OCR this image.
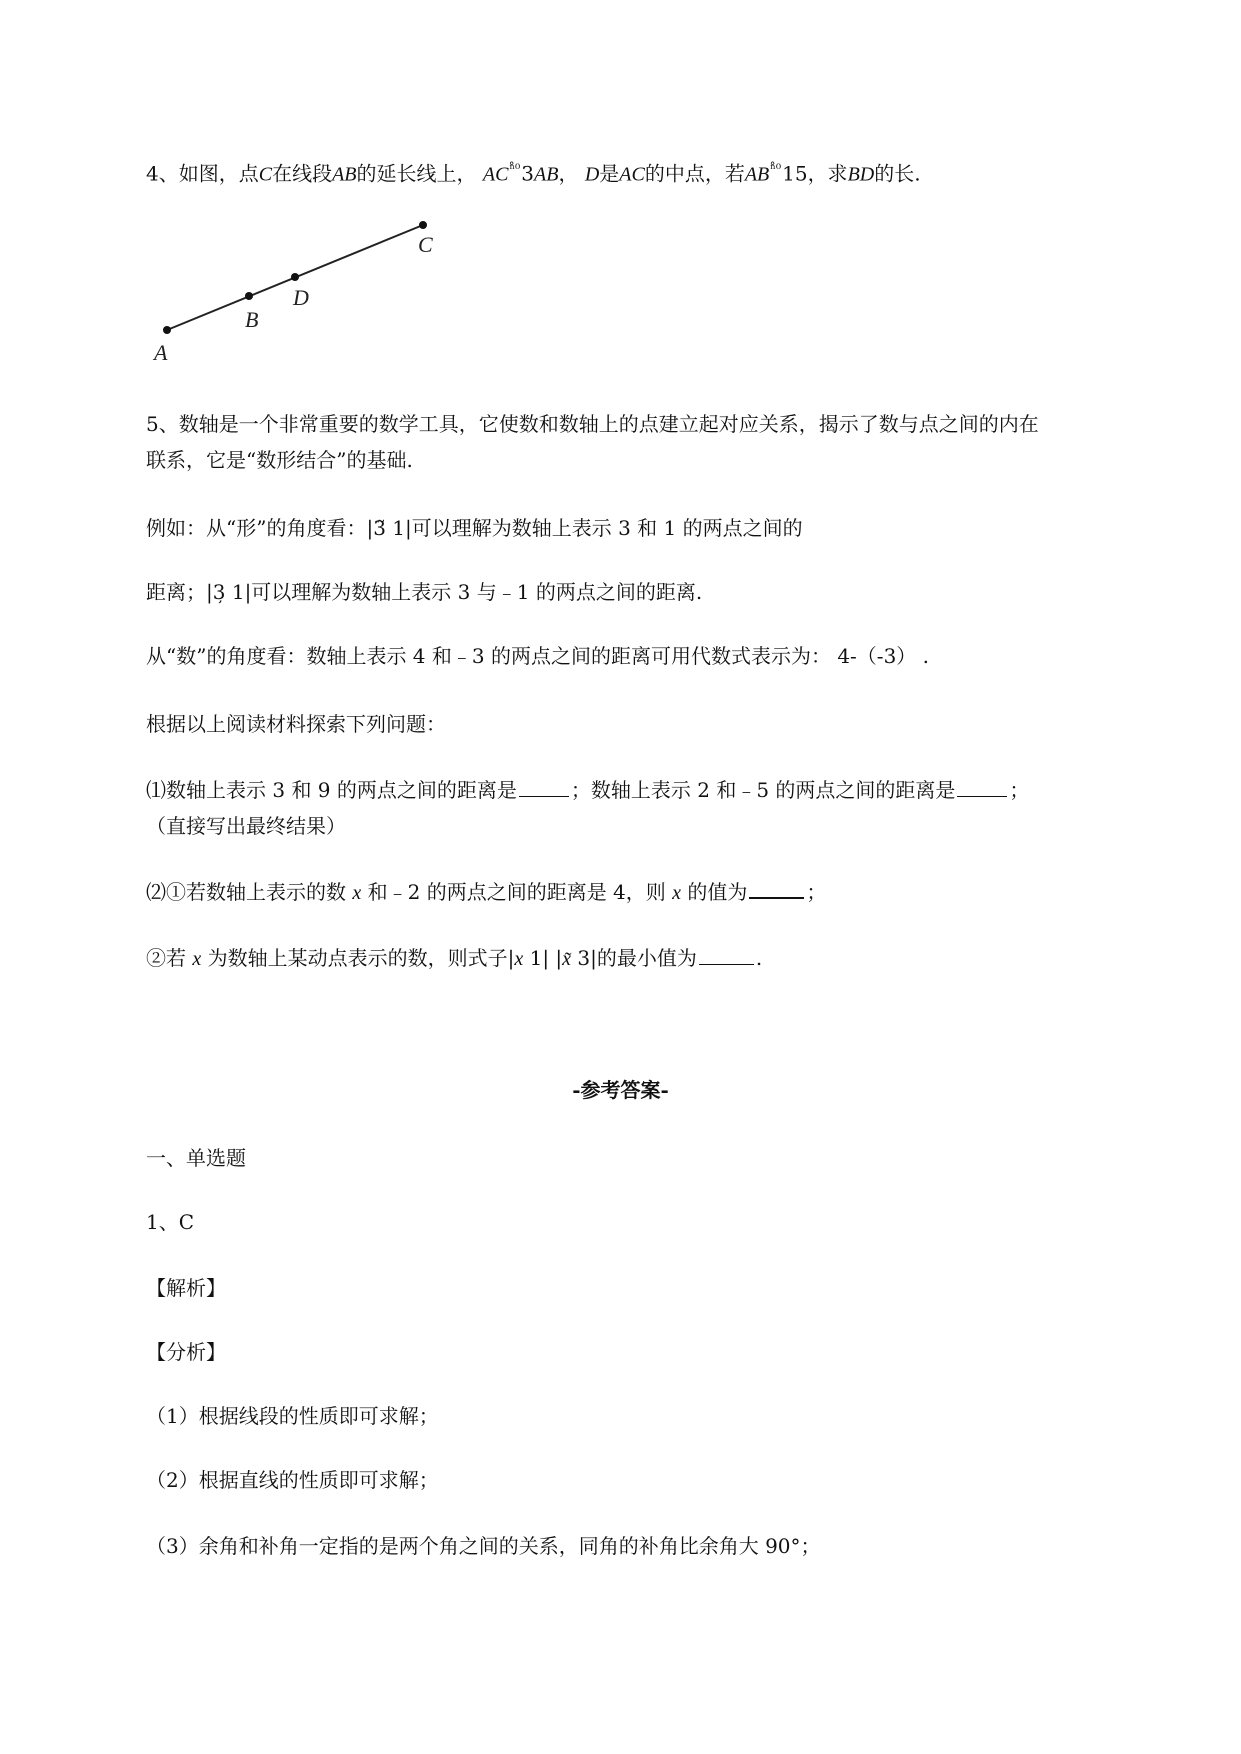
4、如图，点C在线段AB的延长线上， $AC^{^n̊^0}3AB$， D是AC的中点，若$AB^{^n̊^0}15$，求BD的长.
A
B
D
C
5、数轴是一个非常重要的数学工具，它使数和数轴上的点建立起对应关系，揭示了数与点之间的内在
联系，它是“数形结合”的基础.
例如：从“形”的角度看：|3̃ 1|可以理解为数轴上表示 3 和 1 的两点之间的
距离；|3̦ 1|可以理解为数轴上表示 3 与﹣1 的两点之间的距离.
从“数”的角度看：数轴上表示 4 和﹣3 的两点之间的距离可用代数式表示为： 4-（-3） .
根据以上阅读材料探索下列问题：
⑴数轴上表示 3 和 9 的两点之间的距离是	；数轴上表示 2 和﹣5 的两点之间的距离是	；
（直接写出最终结果）
⑵①若数轴上表示的数 x 和﹣2 的两点之间的距离是 4，则 x 的值为	；
②若 x 为数轴上某动点表示的数，则式子|x 1| |x̃ 3|的最小值为	.
-参考答案-
一、单选题
1、C
【解析】
【分析】
（1）根据线段的性质即可求解；
（2）根据直线的性质即可求解；
（3）余角和补角一定指的是两个角之间的关系，同角的补角比余角大 90°；
